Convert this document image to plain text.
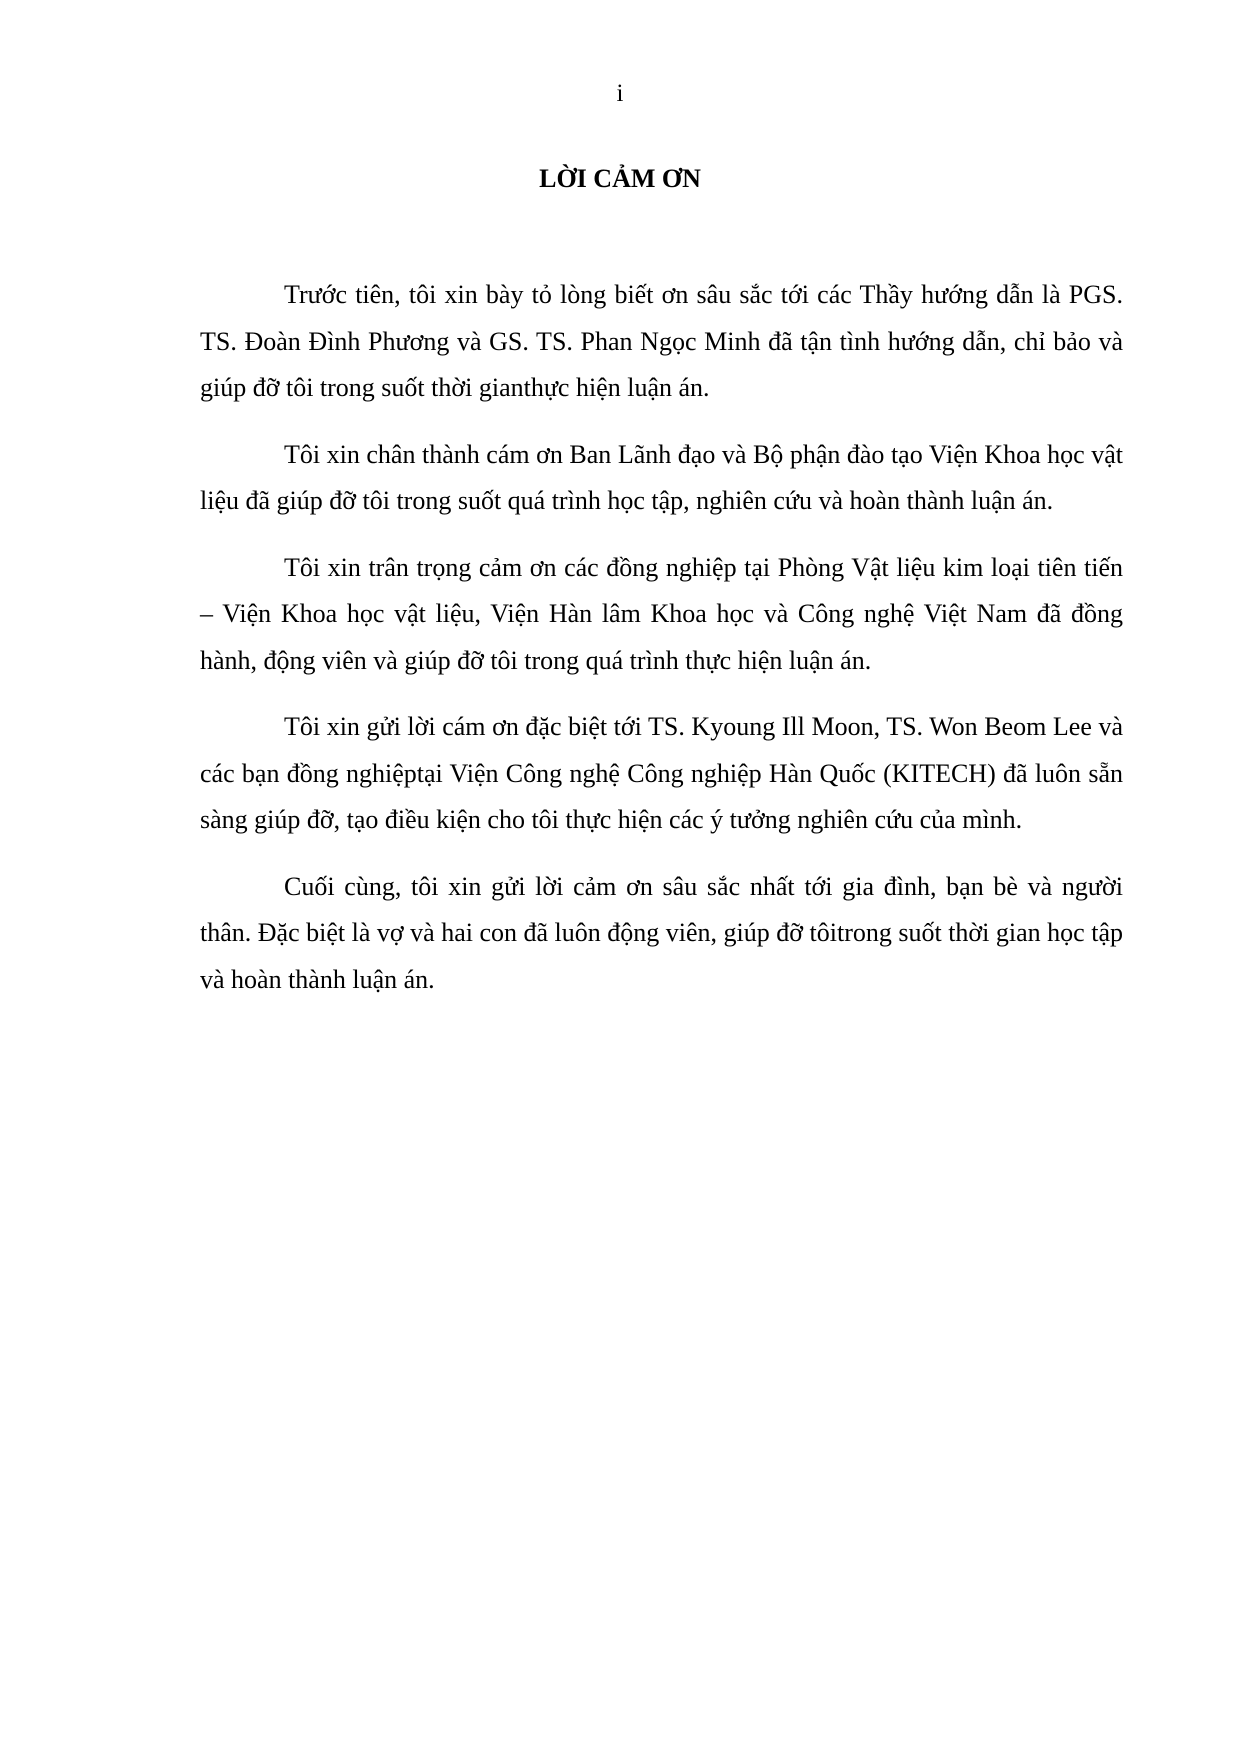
i
LỜI CẢM ƠN

Trước tiên, tôi xin bày tỏ lòng biết ơn sâu sắc tới các Thầy hướng dẫn là PGS. TS. Đoàn Đình Phương và GS. TS. Phan Ngọc Minh đã tận tình hướng dẫn, chỉ bảo và giúp đỡ tôi trong suốt thời gianthực hiện luận án.

Tôi xin chân thành cám ơn Ban Lãnh đạo và Bộ phận đào tạo Viện Khoa học vật liệu đã giúp đỡ tôi trong suốt quá trình học tập, nghiên cứu và hoàn thành luận án.

Tôi xin trân trọng cảm ơn các đồng nghiệp tại Phòng Vật liệu kim loại tiên tiến – Viện Khoa học vật liệu, Viện Hàn lâm Khoa học và Công nghệ Việt Nam đã đồng hành, động viên và giúp đỡ tôi trong quá trình thực hiện luận án.

Tôi xin gửi lời cám ơn đặc biệt tới TS. Kyoung Ill Moon, TS. Won Beom Lee và các bạn đồng nghiệptại Viện Công nghệ Công nghiệp Hàn Quốc (KITECH) đã luôn sẵn sàng giúp đỡ, tạo điều kiện cho tôi thực hiện các ý tưởng nghiên cứu của mình.

Cuối cùng, tôi xin gửi lời cảm ơn sâu sắc nhất tới gia đình, bạn bè và người thân. Đặc biệt là vợ và hai con đã luôn động viên, giúp đỡ tôitrong suốt thời gian học tập và hoàn thành luận án.
